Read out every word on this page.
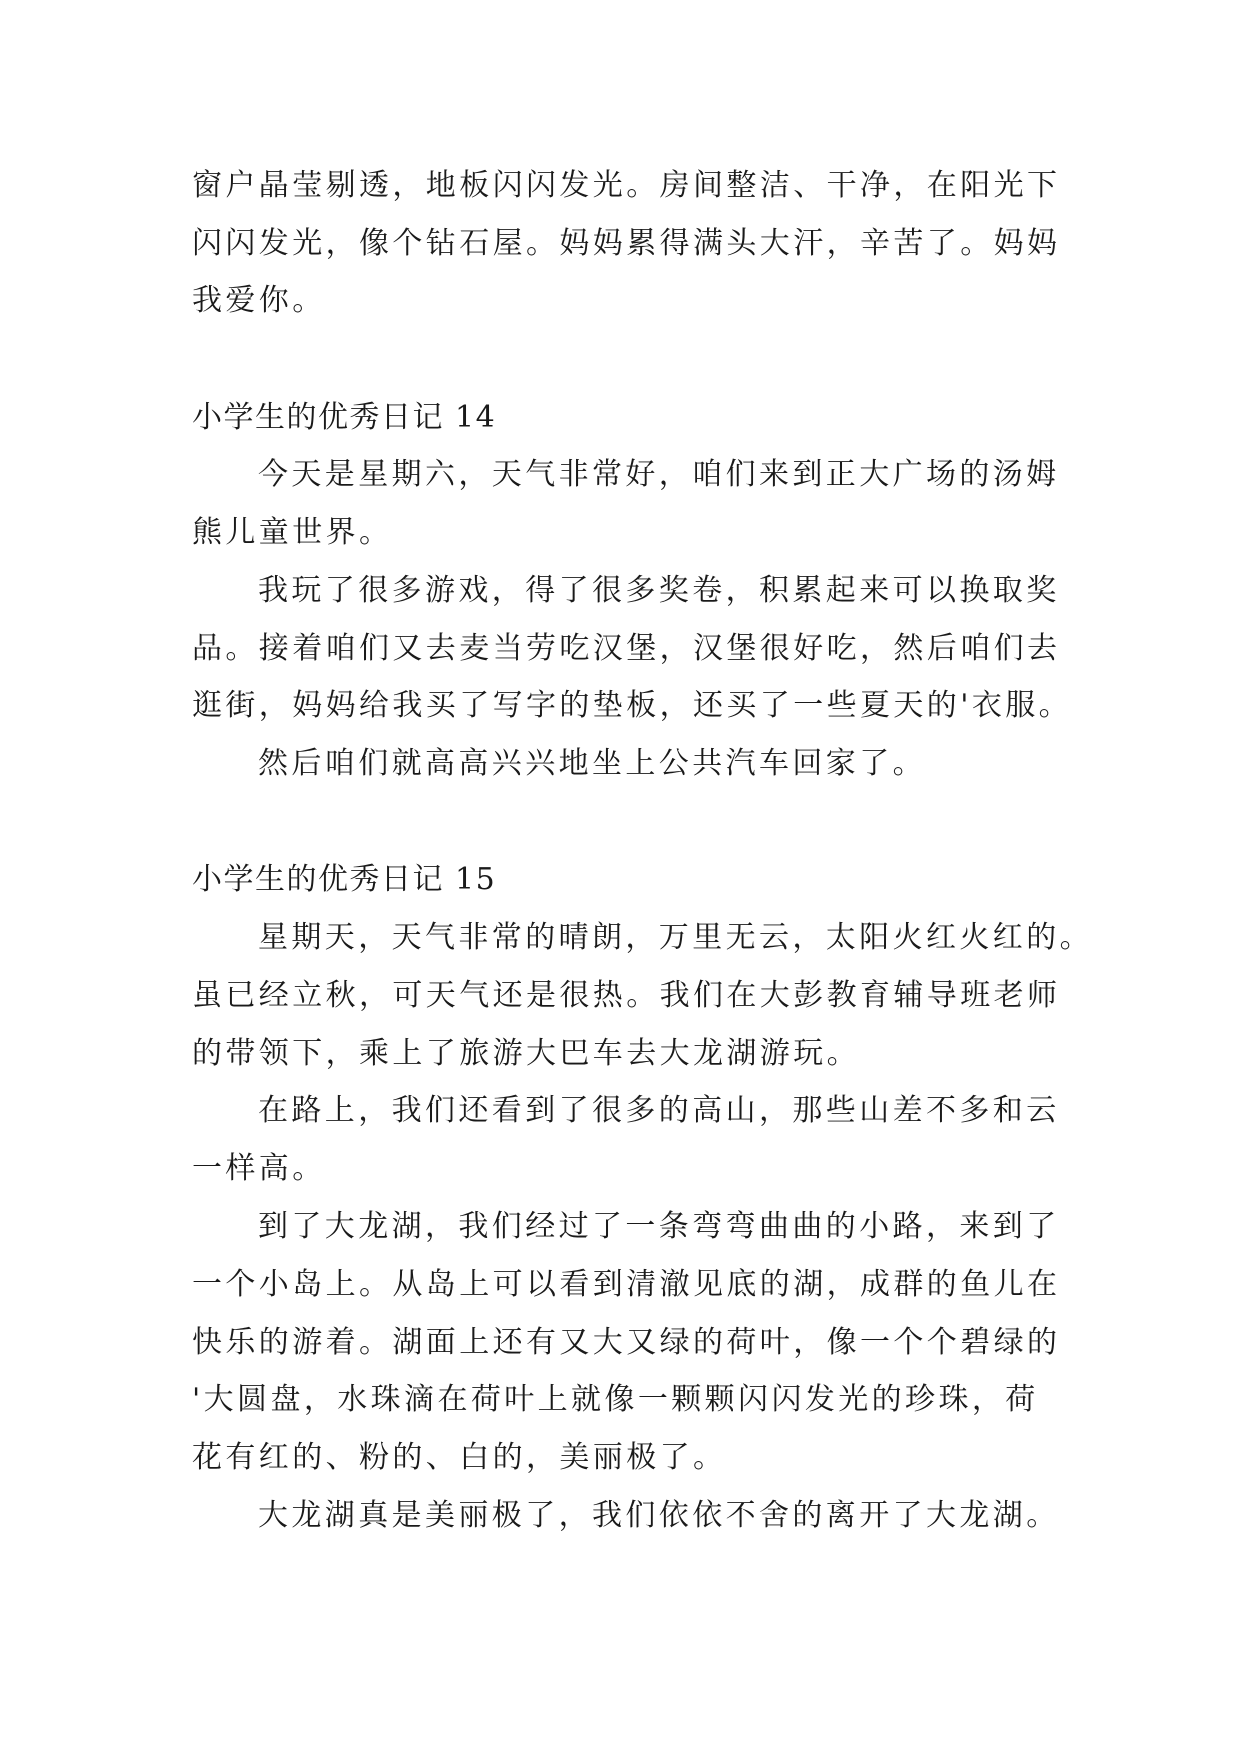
窗户晶莹剔透，地板闪闪发光。房间整洁、干净，在阳光下
闪闪发光，像个钻石屋。妈妈累得满头大汗，辛苦了。妈妈
我爱你。
小学生的优秀日记 14
今天是星期六，天气非常好，咱们来到正大广场的汤姆
熊儿童世界。
我玩了很多游戏，得了很多奖卷，积累起来可以换取奖
品。接着咱们又去麦当劳吃汉堡，汉堡很好吃，然后咱们去
逛街，妈妈给我买了写字的垫板，还买了一些夏天的'衣服。
然后咱们就高高兴兴地坐上公共汽车回家了。
小学生的优秀日记 15
星期天，天气非常的晴朗，万里无云，太阳火红火红的。
虽已经立秋，可天气还是很热。我们在大彭教育辅导班老师
的带领下，乘上了旅游大巴车去大龙湖游玩。
在路上，我们还看到了很多的高山，那些山差不多和云
一样高。
到了大龙湖，我们经过了一条弯弯曲曲的小路，来到了
一个小岛上。从岛上可以看到清澈见底的湖，成群的鱼儿在
快乐的游着。湖面上还有又大又绿的荷叶，像一个个碧绿的
'大圆盘，水珠滴在荷叶上就像一颗颗闪闪发光的珍珠，荷
花有红的、粉的、白的，美丽极了。
大龙湖真是美丽极了，我们依依不舍的离开了大龙湖。
